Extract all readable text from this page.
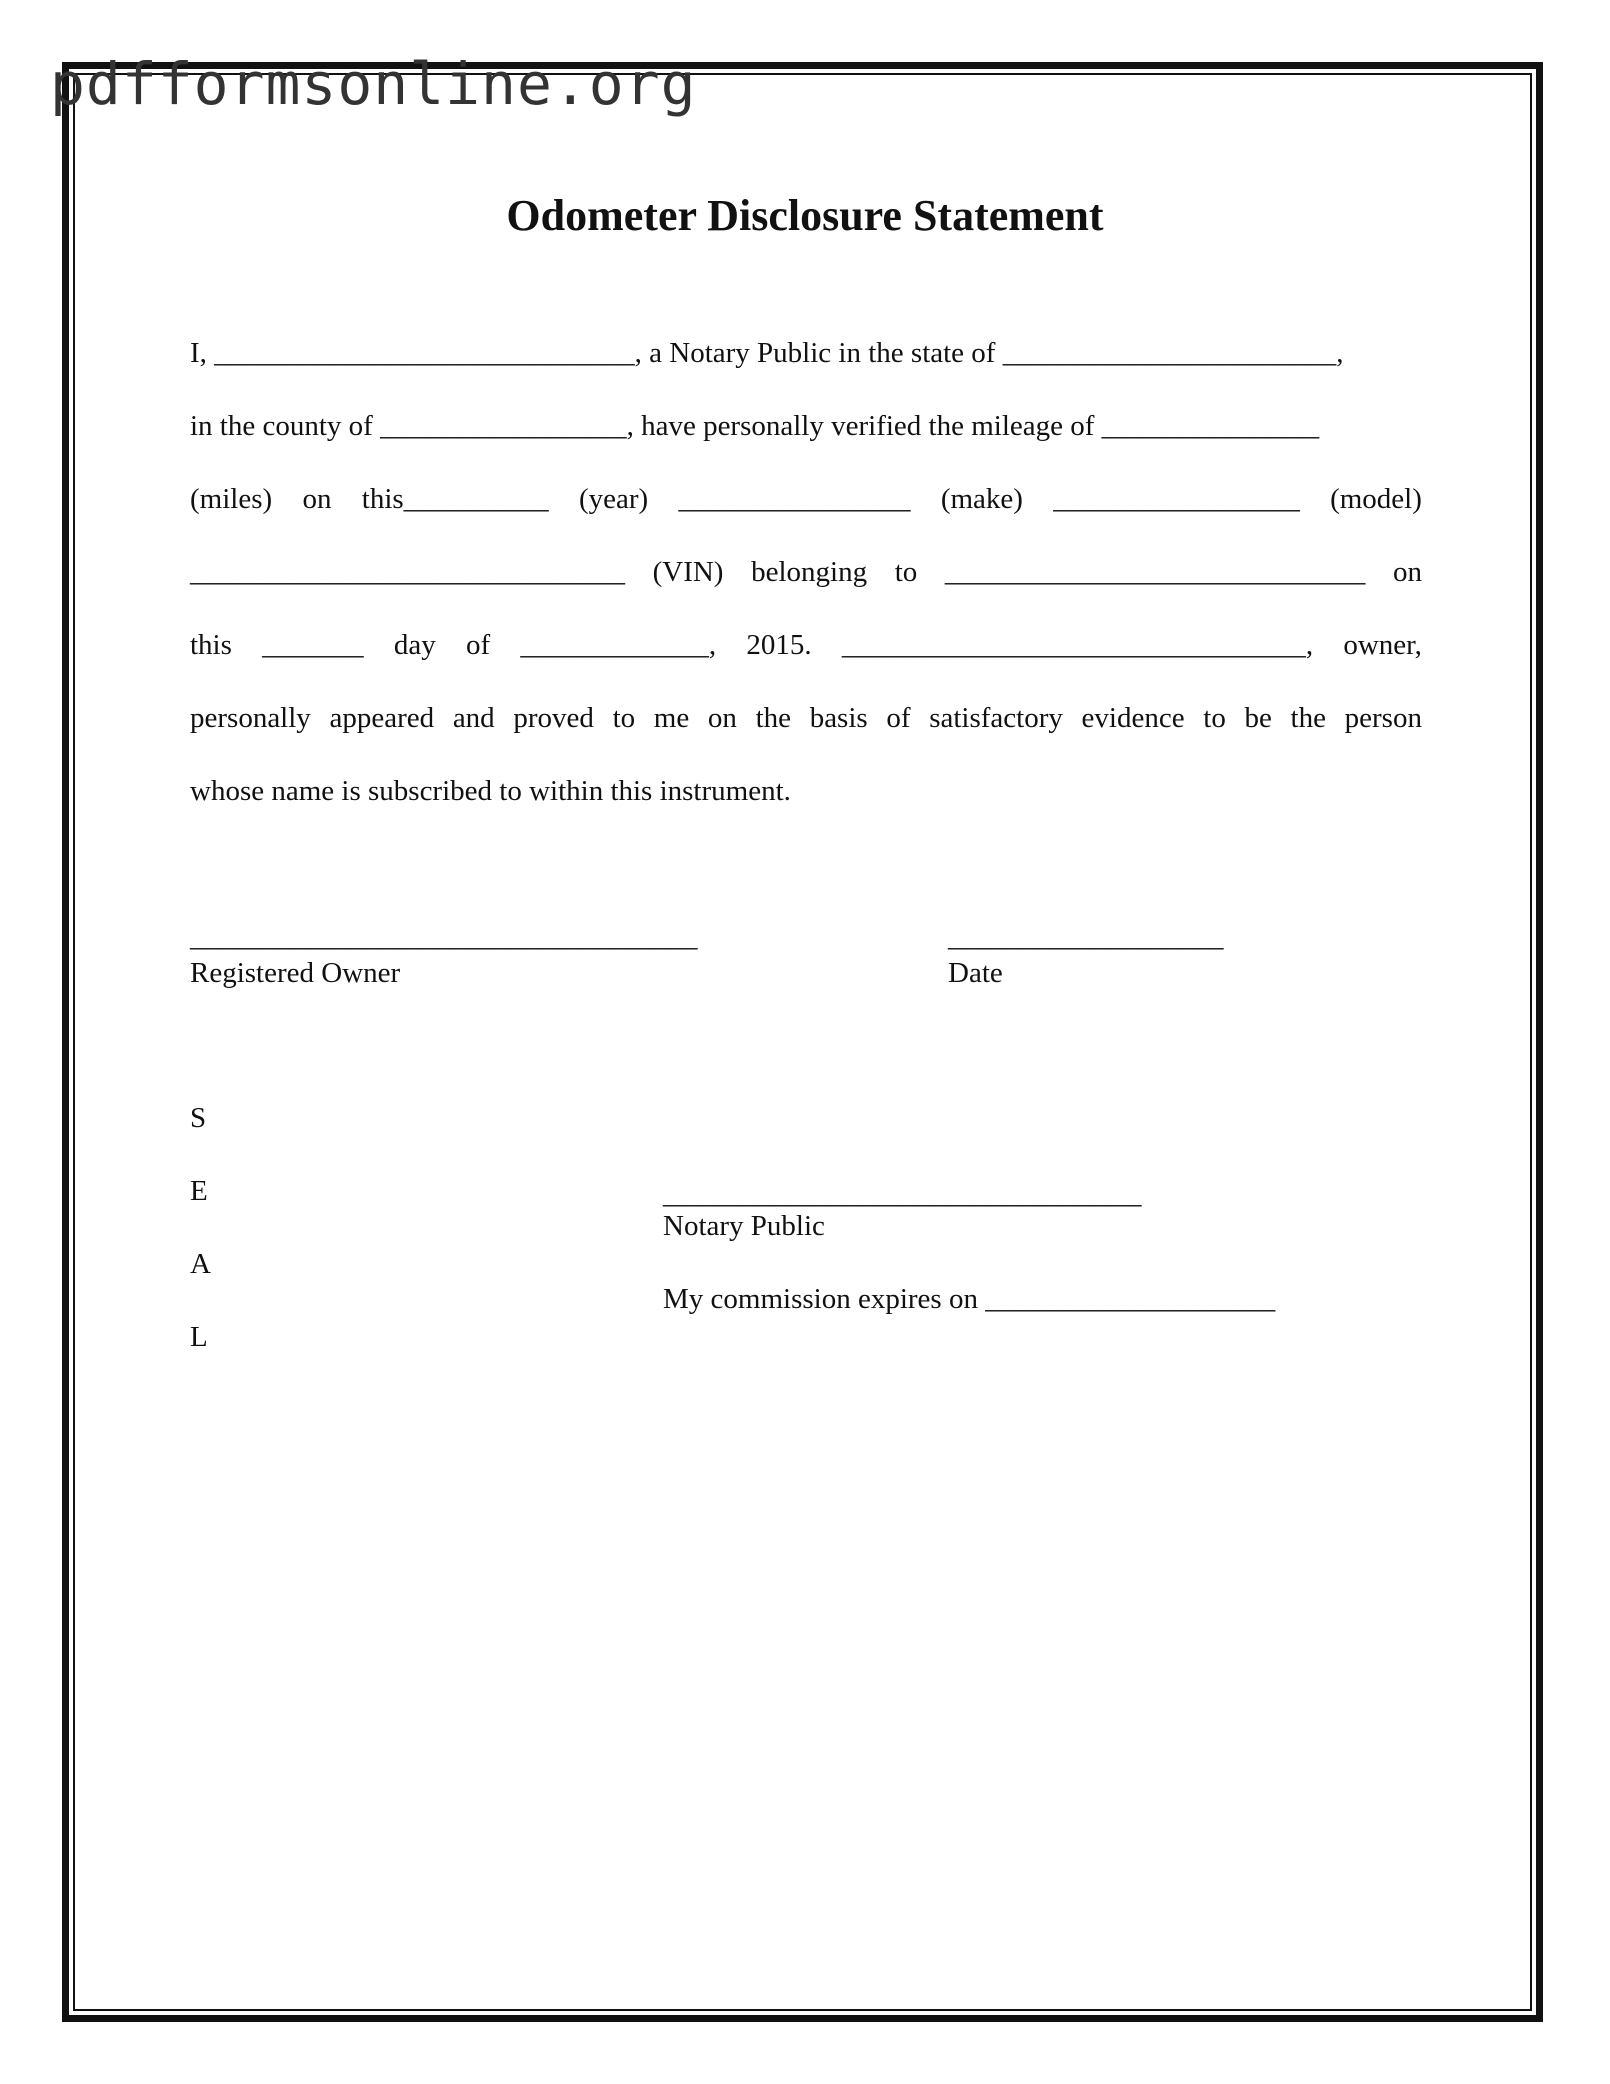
pdfformsonline.org
Odometer Disclosure Statement
I, _____________________________, a Notary Public in the state of _______________________,
in the county of _________________, have personally verified the mileage of _______________
(miles) on this__________ (year) ________________ (make) _________________ (model)
______________________________ (VIN) belonging to _____________________________ on
this _______ day of _____________, 2015. ________________________________, owner,
personally appeared and proved to me on the basis of satisfactory evidence to be the person
whose name is subscribed to within this instrument.
___________________________________
Registered Owner
___________________
Date
S
E
A
L
_________________________________
Notary Public
My commission expires on ____________________
